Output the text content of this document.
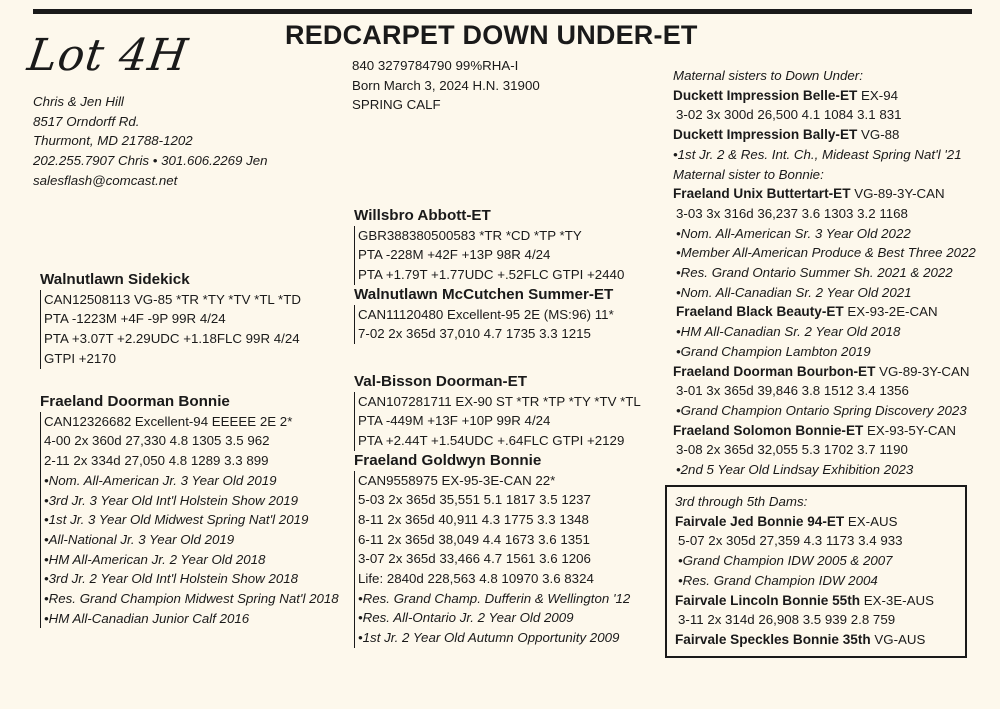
Lot 4H	REDCARPET DOWN UNDER-ET
840 3279784790 99%RHA-I
Born March 3, 2024 H.N. 31900
SPRING CALF
Chris & Jen Hill
8517 Orndorff Rd.
Thurmont, MD 21788-1202
202.255.7907 Chris • 301.606.2269 Jen
salesflash@comcast.net
Walnutlawn Sidekick
CAN12508113 VG-85 *TR *TY *TV *TL *TD
PTA -1223M +4F -9P 99R 4/24
PTA +3.07T +2.29UDC +1.18FLC 99R 4/24
GTPI +2170
Fraeland Doorman Bonnie
CAN12326682 Excellent-94 EEEEE 2E 2*
4-00 2x 360d 27,330 4.8 1305 3.5 962
2-11 2x 334d 27,050 4.8 1289 3.3 899
•Nom. All-American Jr. 3 Year Old 2019
•3rd Jr. 3 Year Old Int'l Holstein Show 2019
•1st Jr. 3 Year Old Midwest Spring Nat'l 2019
•All-National Jr. 3 Year Old 2019
•HM All-American Jr. 2 Year Old 2018
•3rd Jr. 2 Year Old Int'l Holstein Show 2018
•Res. Grand Champion Midwest Spring Nat'l 2018
•HM All-Canadian Junior Calf 2016
Willsbro Abbott-ET
GBR388380500583 *TR *CD *TP *TY
PTA -228M +42F +13P 98R 4/24
PTA +1.79T +1.77UDC +.52FLC GTPI +2440
Walnutlawn McCutchen Summer-ET
CAN11120480 Excellent-95 2E (MS:96) 11*
7-02 2x 365d 37,010 4.7 1735 3.3 1215
Val-Bisson Doorman-ET
CAN107281711 EX-90 ST *TR *TP *TY *TV *TL
PTA -449M +13F +10P 99R 4/24
PTA +2.44T +1.54UDC +.64FLC GTPI +2129
Fraeland Goldwyn Bonnie
CAN9558975 EX-95-3E-CAN 22*
5-03 2x 365d 35,551 5.1 1817 3.5 1237
8-11 2x 365d 40,911 4.3 1775 3.3 1348
6-11 2x 365d 38,049 4.4 1673 3.6 1351
3-07 2x 365d 33,466 4.7 1561 3.6 1206
Life: 2840d 228,563 4.8 10970 3.6 8324
•Res. Grand Champ. Dufferin & Wellington '12
•Res. All-Ontario Jr. 2 Year Old 2009
•1st Jr. 2 Year Old Autumn Opportunity 2009
Maternal sisters to Down Under:
Duckett Impression Belle-ET EX-94
3-02 3x 300d 26,500 4.1 1084 3.1 831
Duckett Impression Bally-ET VG-88
•1st Jr. 2 & Res. Int. Ch., Mideast Spring Nat'l '21
Maternal sister to Bonnie:
Fraeland Unix Buttertart-ET VG-89-3Y-CAN
3-03 3x 316d 36,237 3.6 1303 3.2 1168
•Nom. All-American Sr. 3 Year Old 2022
•Member All-American Produce & Best Three 2022
•Res. Grand Ontario Summer Sh. 2021 & 2022
•Nom. All-Canadian Sr. 2 Year Old 2021
Fraeland Black Beauty-ET EX-93-2E-CAN
•HM All-Canadian Sr. 2 Year Old 2018
•Grand Champion Lambton 2019
Fraeland Doorman Bourbon-ET VG-89-3Y-CAN
3-01 3x 365d 39,846 3.8 1512 3.4 1356
•Grand Champion Ontario Spring Discovery 2023
Fraeland Solomon Bonnie-ET EX-93-5Y-CAN
3-08 2x 365d 32,055 5.3 1702 3.7 1190
•2nd 5 Year Old Lindsay Exhibition 2023
3rd through 5th Dams:
Fairvale Jed Bonnie 94-ET EX-AUS
5-07 2x 305d 27,359 4.3 1173 3.4 933
•Grand Champion IDW 2005 & 2007
•Res. Grand Champion IDW 2004
Fairvale Lincoln Bonnie 55th EX-3E-AUS
3-11 2x 314d 26,908 3.5 939 2.8 759
Fairvale Speckles Bonnie 35th VG-AUS
